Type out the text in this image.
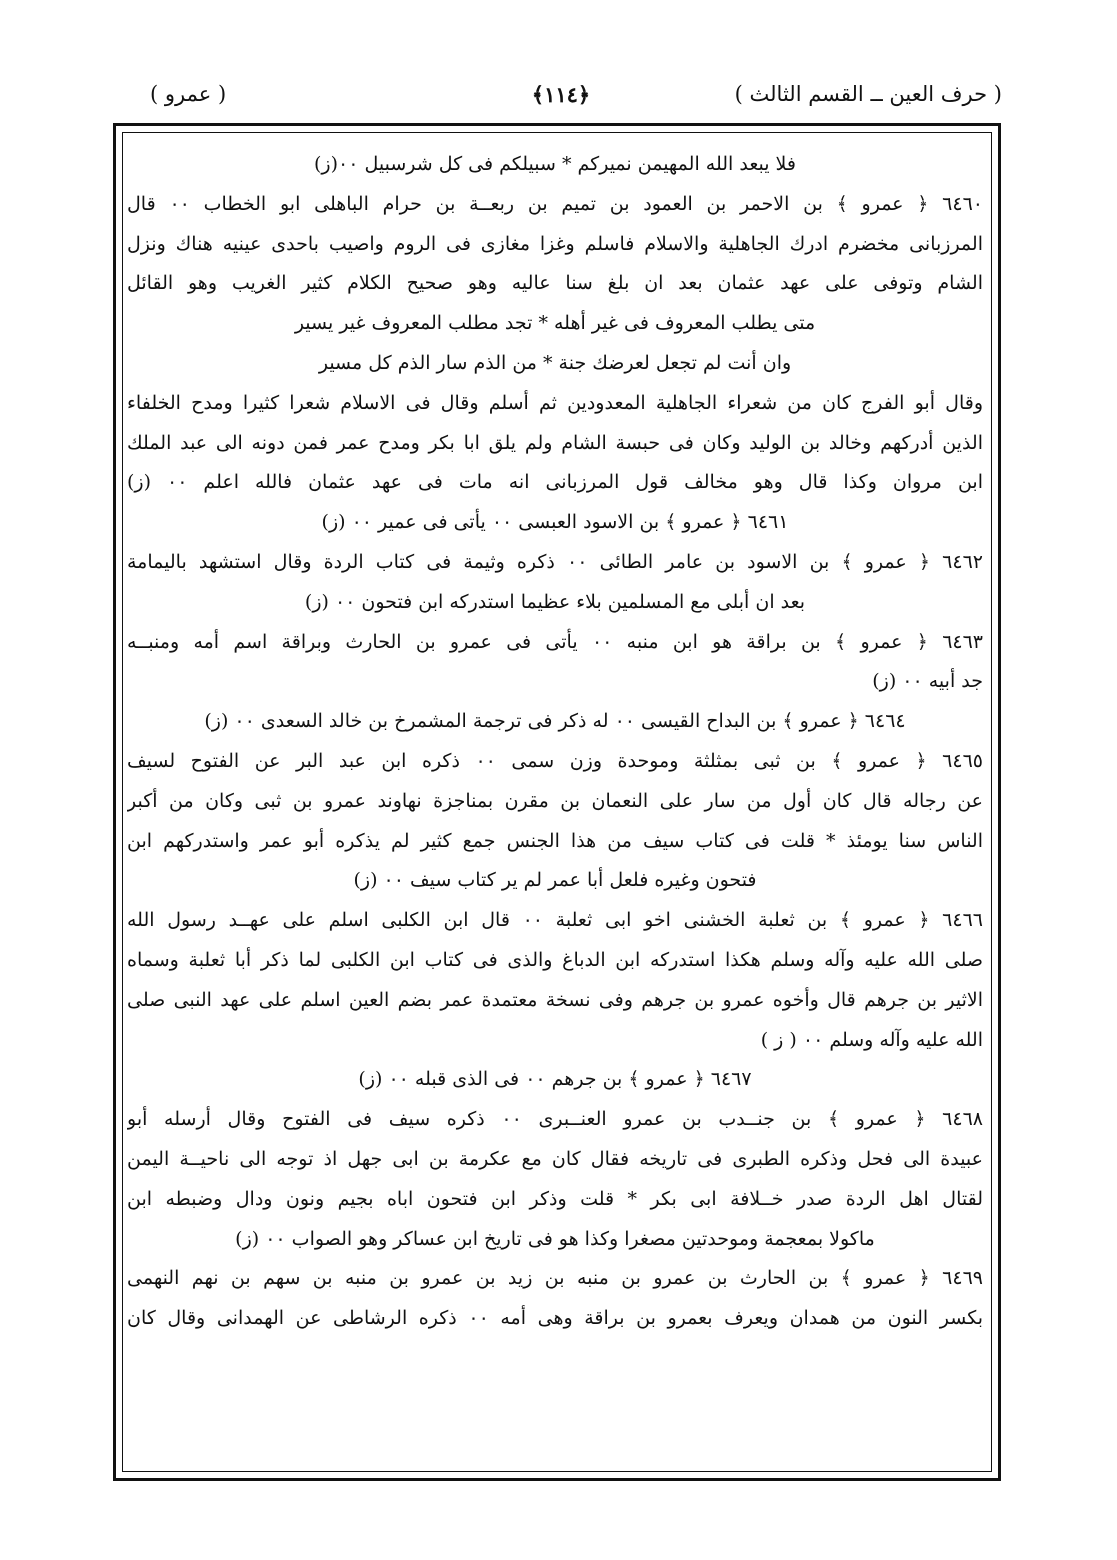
( حرف العين ــ القسم الثالث )
﴿١١٤﴾
( عمرو )
فلا يبعد الله المهيمن نميركم * سبيلكم فى كل شرسبيل ٠٠(ز)
٦٤٦٠ ﴿ عمرو ﴾ بن الاحمر بن العمود بن تميم بن ربعــة بن حرام الباهلى ابو الخطاب ٠٠ قال
المرزبانى مخضرم ادرك الجاهلية والاسلام فاسلم وغزا مغازى فى الروم واصيب باحدى عينيه هناك ونزل
الشام وتوفى على عهد عثمان بعد ان بلغ سنا عاليه وهو صحيح الكلام كثير الغريب وهو القائل
متى يطلب المعروف فى غير أهله * تجد مطلب المعروف غير يسير
وان أنت لم تجعل لعرضك جنة * من الذم سار الذم كل مسير
وقال أبو الفرج كان من شعراء الجاهلية المعدودين ثم أسلم وقال فى الاسلام شعرا كثيرا ومدح الخلفاء
الذين أدركهم وخالد بن الوليد وكان فى حبسة الشام ولم يلق ابا بكر ومدح عمر فمن دونه الى عبد الملك
ابن مروان وكذا قال وهو مخالف قول المرزبانى انه مات فى عهد عثمان فالله اعلم ٠٠ (ز)
٦٤٦١ ﴿ عمرو ﴾ بن الاسود العبسى ٠٠ يأتى فى عمير ٠٠ (ز)
٦٤٦٢ ﴿ عمرو ﴾ بن الاسود بن عامر الطائى ٠٠ ذكره وثيمة فى كتاب الردة وقال استشهد باليمامة
بعد ان أبلى مع المسلمين بلاء عظيما استدركه ابن فتحون ٠٠ (ز)
٦٤٦٣ ﴿ عمرو ﴾ بن براقة هو ابن منبه ٠٠ يأتى فى عمرو بن الحارث وبراقة اسم أمه ومنبــه
جد أبيه ٠٠ (ز)
٦٤٦٤ ﴿ عمرو ﴾ بن البداح القيسى ٠٠ له ذكر فى ترجمة المشمرخ بن خالد السعدى ٠٠ (ز)
٦٤٦٥ ﴿ عمرو ﴾ بن ثبى بمثلثة وموحدة وزن سمى ٠٠ ذكره ابن عبد البر عن الفتوح لسيف
عن رجاله قال كان أول من سار على النعمان بن مقرن بمناجزة نهاوند عمرو بن ثبى وكان من أكبر
الناس سنا يومئذ * قلت فى كتاب سيف من هذا الجنس جمع كثير لم يذكره أبو عمر واستدركهم ابن
فتحون وغيره فلعل أبا عمر لم ير كتاب سيف ٠٠ (ز)
٦٤٦٦ ﴿ عمرو ﴾ بن ثعلبة الخشنى اخو ابى ثعلبة ٠٠ قال ابن الكلبى اسلم على عهــد رسول الله
صلى الله عليه وآله وسلم هكذا استدركه ابن الدباغ والذى فى كتاب ابن الكلبى لما ذكر أبا ثعلبة وسماه
الاثير بن جرهم قال وأخوه عمرو بن جرهم وفى نسخة معتمدة عمر بضم العين اسلم على عهد النبى صلى
الله عليه وآله وسلم ٠٠ ( ز )
٦٤٦٧ ﴿ عمرو ﴾ بن جرهم ٠٠ فى الذى قبله ٠٠ (ز)
٦٤٦٨ ﴿ عمرو ﴾ بن جنــدب بن عمرو العنــبرى ٠٠ ذكره سيف فى الفتوح وقال أرسله أبو
عبيدة الى فحل وذكره الطبرى فى تاريخه فقال كان مع عكرمة بن ابى جهل اذ توجه الى ناحيــة اليمن
لقتال اهل الردة صدر خــلافة ابى بكر * قلت وذكر ابن فتحون اباه بجيم ونون ودال وضبطه ابن
ماكولا بمعجمة وموحدتين مصغرا وكذا هو فى تاريخ ابن عساكر وهو الصواب ٠٠ (ز)
٦٤٦٩ ﴿ عمرو ﴾ بن الحارث بن عمرو بن منبه بن زيد بن عمرو بن منبه بن سهم بن نهم النهمى
بكسر النون من همدان ويعرف بعمرو بن براقة وهى أمه ٠٠ ذكره الرشاطى عن الهمدانى وقال كان
